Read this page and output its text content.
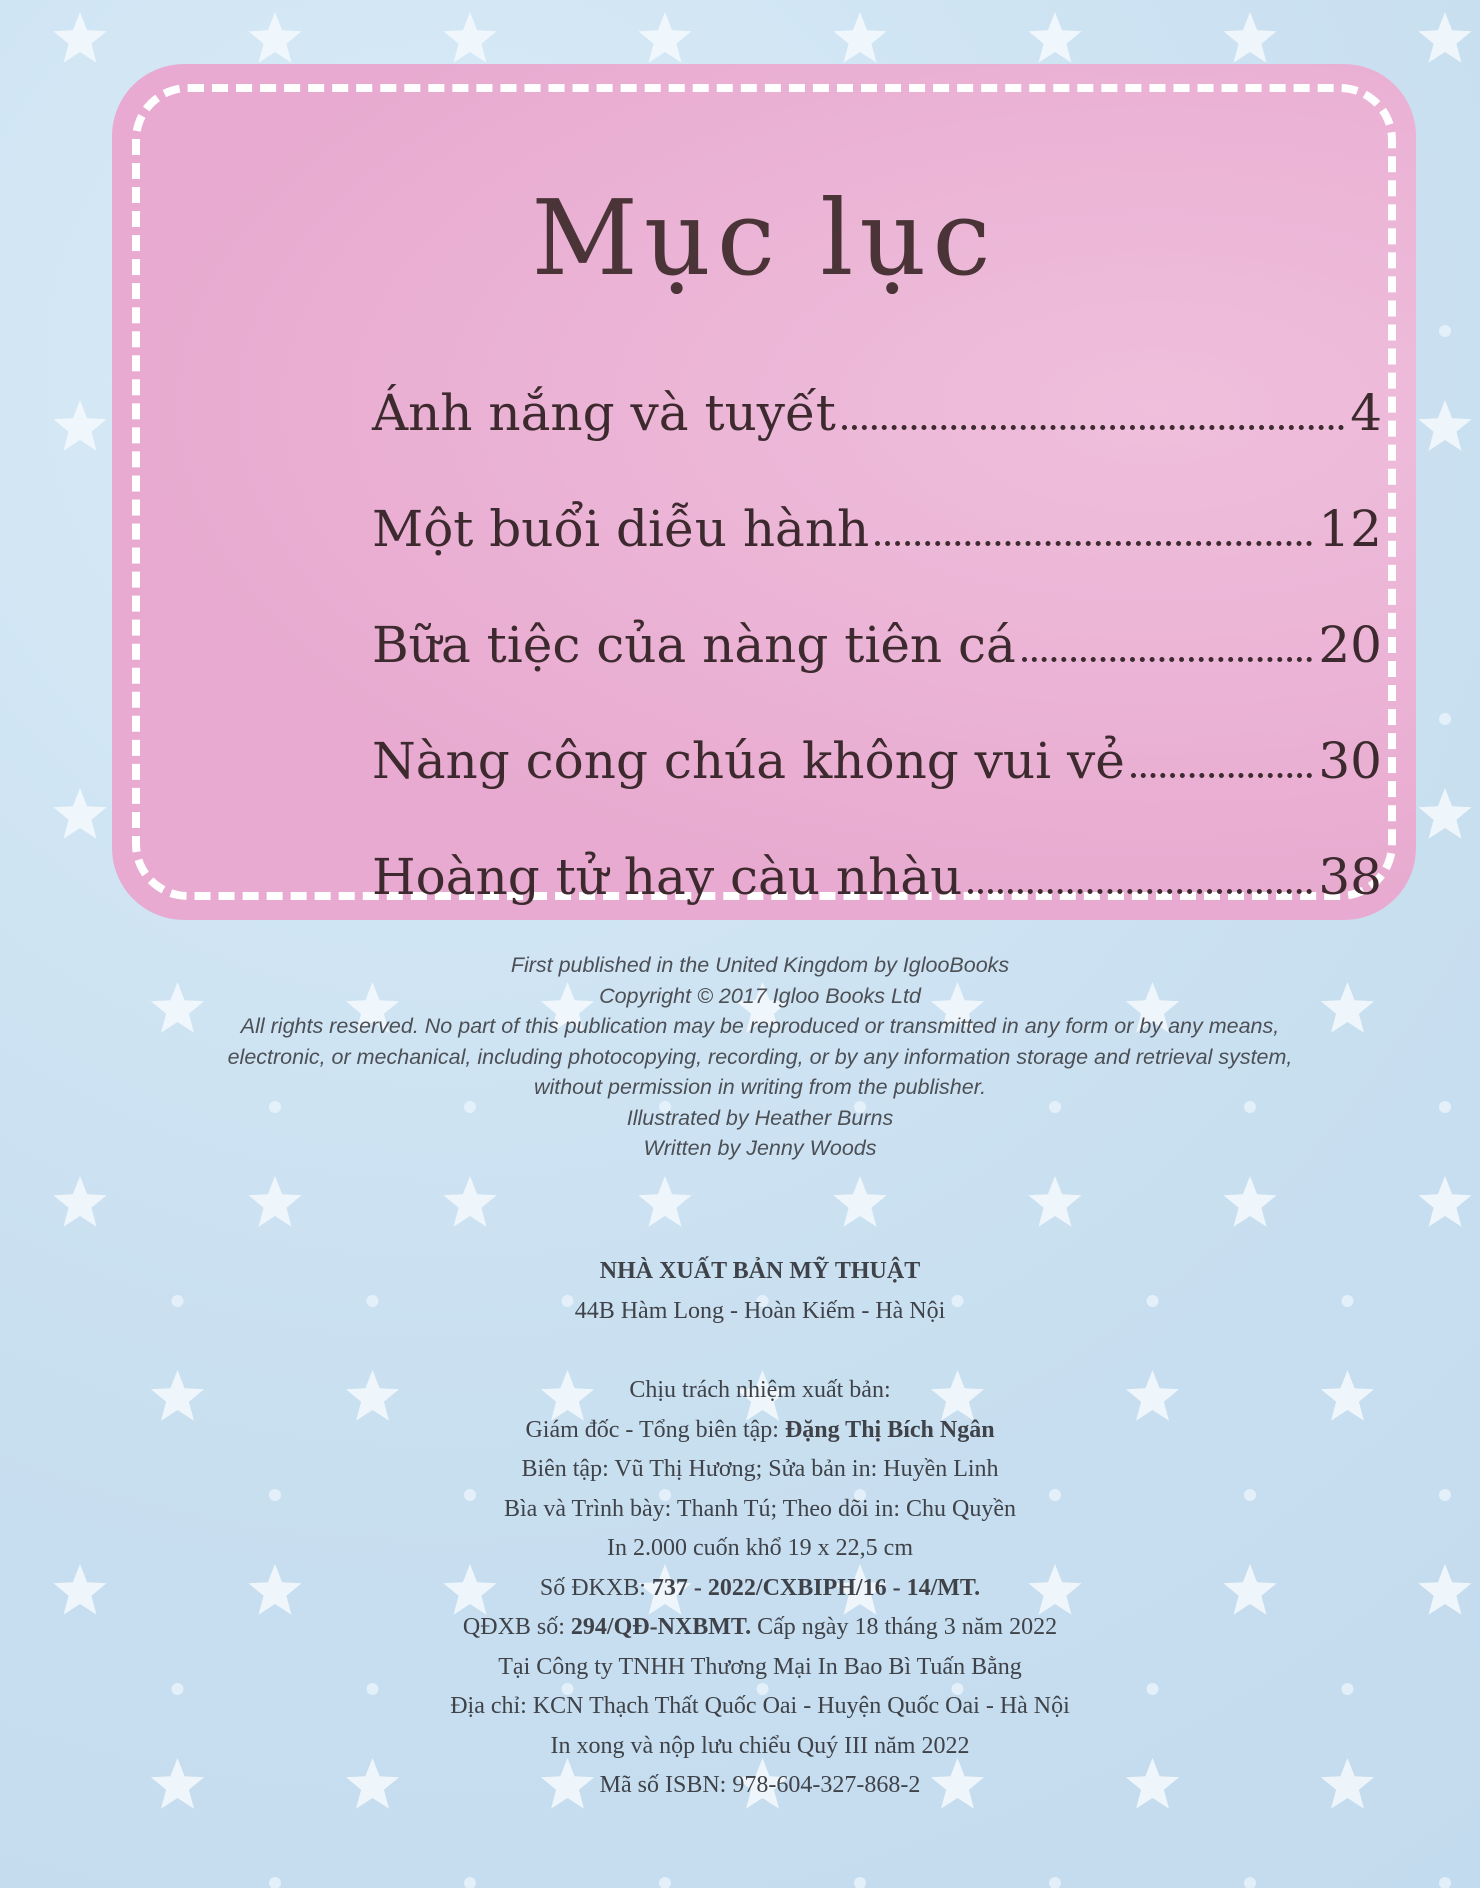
Mục lục
Ánh nắng và tuyết	4
Một buổi diễu hành	12
Bữa tiệc của nàng tiên cá	20
Nàng công chúa không vui vẻ	30
Hoàng tử hay càu nhàu	38
First published in the United Kingdom by IglooBooks
Copyright © 2017 Igloo Books Ltd
All rights reserved. No part of this publication may be reproduced or transmitted in any form or by any means,
electronic, or mechanical, including photocopying, recording, or by any information storage and retrieval system,
without permission in writing from the publisher.
Illustrated by Heather Burns
Written by Jenny Woods
NHÀ XUẤT BẢN MỸ THUẬT
44B Hàm Long - Hoàn Kiếm - Hà Nội
Chịu trách nhiệm xuất bản:
Giám đốc - Tổng biên tập: Đặng Thị Bích Ngân
Biên tập: Vũ Thị Hương; Sửa bản in: Huyền Linh
Bìa và Trình bày: Thanh Tú; Theo dõi in: Chu Quyền
In 2.000 cuốn khổ 19 x 22,5 cm
Số ĐKXB: 737 - 2022/CXBIPH/16 - 14/MT.
QĐXB số: 294/QĐ-NXBMT. Cấp ngày 18 tháng 3 năm 2022
Tại Công ty TNHH Thương Mại In Bao Bì Tuấn Bằng
Địa chỉ: KCN Thạch Thất Quốc Oai - Huyện Quốc Oai - Hà Nội
In xong và nộp lưu chiểu Quý III năm 2022
Mã số ISBN: 978-604-327-868-2
